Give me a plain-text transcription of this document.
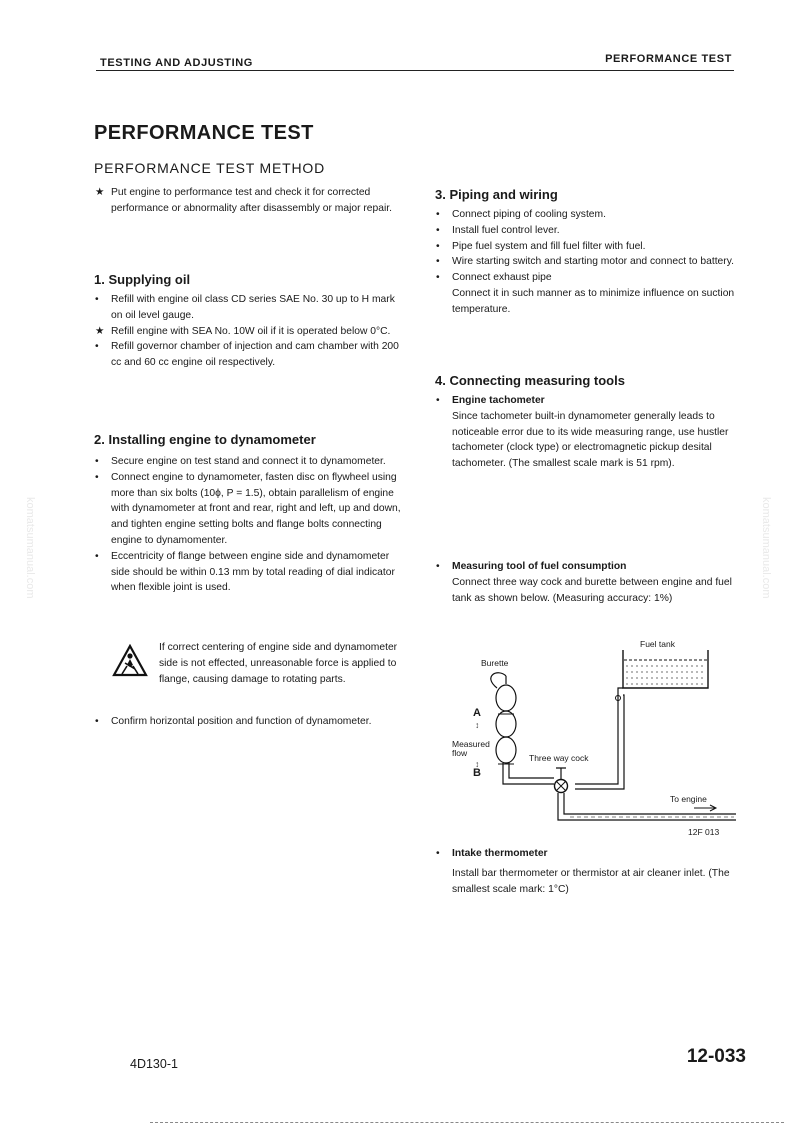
TESTING AND ADJUSTING	PERFORMANCE TEST
PERFORMANCE TEST
PERFORMANCE TEST METHOD
komatsumanual.com	komatsumanual.com
★ Put engine to performance test and check it for corrected performance or abnormality after disassembly or major repair.
1. Supplying oil
•	Refill with engine oil class CD series SAE No. 30 up to H mark on oil level gauge.
★ Refill engine with SEA No. 10W oil if it is operated below 0°C.
•	Refill governor chamber of injection and cam chamber with 200 cc and 60 cc engine oil respectively.
2. Installing engine to dynamometer
•	Secure engine on test stand and connect it to dynamometer.
•	Connect engine to dynamometer, fasten disc on flywheel using more than six bolts (10ϕ, P = 1.5), obtain parallelism of engine with dynamometer at front and rear, right and left, up and down, and tighten engine setting bolts and flange bolts connecting engine to dynamomenter.
•	Eccentricity of flange between engine side and dynamometer side should be within 0.13 mm by total reading of dial indicator when flexible joint is used.
If correct centering of engine side and dynamometer side is not effected, unreasonable force is applied to flange, causing damage to rotating parts.
•	Confirm horizontal position and function of dynamometer.
3. Piping and wiring
•	Connect piping of cooling system.
•	Install fuel control lever.
•	Pipe fuel system and fill fuel filter with fuel.
•	Wire starting switch and starting motor and connect to battery.
•	Connect exhaust pipe
Connect it in such manner as to minimize influence on suction temperature.
4. Connecting measuring tools
•	Engine tachometer
Since tachometer built-in dynamometer generally leads to noticeable error due to its wide measuring range, use hustler tachometer (clock type) or electromagnetic pickup desital tachometer. (The smallest scale mark is 51 rpm).
•	Measuring tool of fuel consumption
Connect three way cock and burette between engine and fuel tank as shown below. (Measuring accuracy: 1%)
Fuel tank
Burette
A
↕
Measured
flow
↕
B
Three way cock
To engine
12F 013
•	Intake thermometer
Install bar thermometer or thermistor at air cleaner inlet. (The smallest scale mark: 1°C)
4D130-1	12-033
